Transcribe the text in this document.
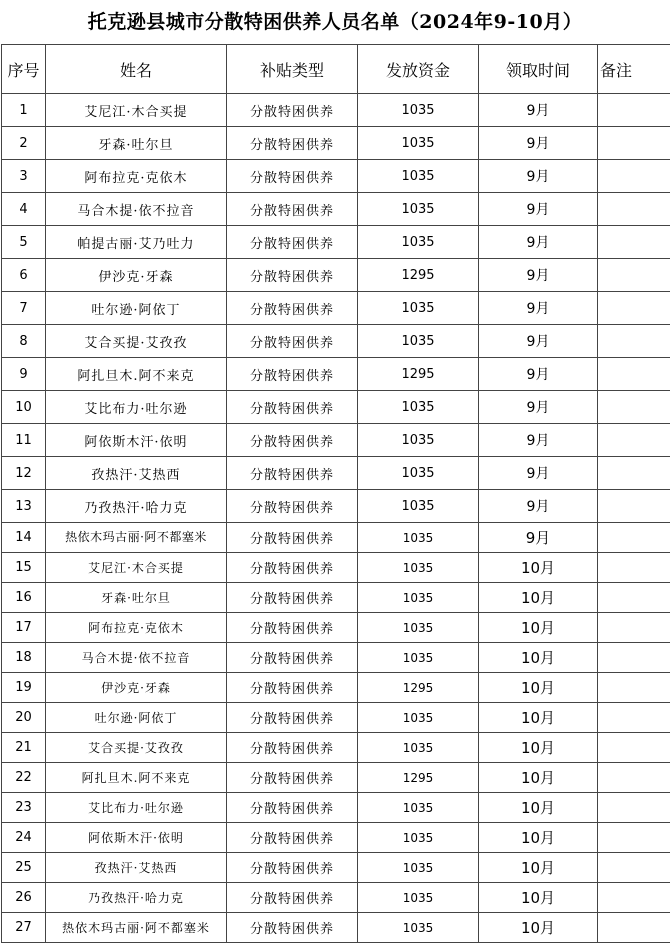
托克逊县城市分散特困供养人员名单（2024年9-10月）
序号	姓名	补贴类型	发放资金	领取时间	备注
1	艾尼江·木合买提	分散特困供养	1035	9月	
2	牙森·吐尔旦	分散特困供养	1035	9月	
3	阿布拉克·克依木	分散特困供养	1035	9月	
4	马合木提·依不拉音	分散特困供养	1035	9月	
5	帕提古丽·艾乃吐力	分散特困供养	1035	9月	
6	伊沙克·牙森	分散特困供养	1295	9月	
7	吐尔逊·阿依丁	分散特困供养	1035	9月	
8	艾合买提·艾孜孜	分散特困供养	1035	9月	
9	阿扎旦木.阿不来克	分散特困供养	1295	9月	
10	艾比布力·吐尔逊	分散特困供养	1035	9月	
11	阿依斯木汗·依明	分散特困供养	1035	9月	
12	孜热汗·艾热西	分散特困供养	1035	9月	
13	乃孜热汗·哈力克	分散特困供养	1035	9月	
14	热依木玛古丽·阿不都塞米	分散特困供养	1035	9月	
15	艾尼江·木合买提	分散特困供养	1035	10月	
16	牙森·吐尔旦	分散特困供养	1035	10月	
17	阿布拉克·克依木	分散特困供养	1035	10月	
18	马合木提·依不拉音	分散特困供养	1035	10月	
19	伊沙克·牙森	分散特困供养	1295	10月	
20	吐尔逊·阿依丁	分散特困供养	1035	10月	
21	艾合买提·艾孜孜	分散特困供养	1035	10月	
22	阿扎旦木.阿不来克	分散特困供养	1295	10月	
23	艾比布力·吐尔逊	分散特困供养	1035	10月	
24	阿依斯木汗·依明	分散特困供养	1035	10月	
25	孜热汗·艾热西	分散特困供养	1035	10月	
26	乃孜热汗·哈力克	分散特困供养	1035	10月	
27	热依木玛古丽·阿不都塞米	分散特困供养	1035	10月	
